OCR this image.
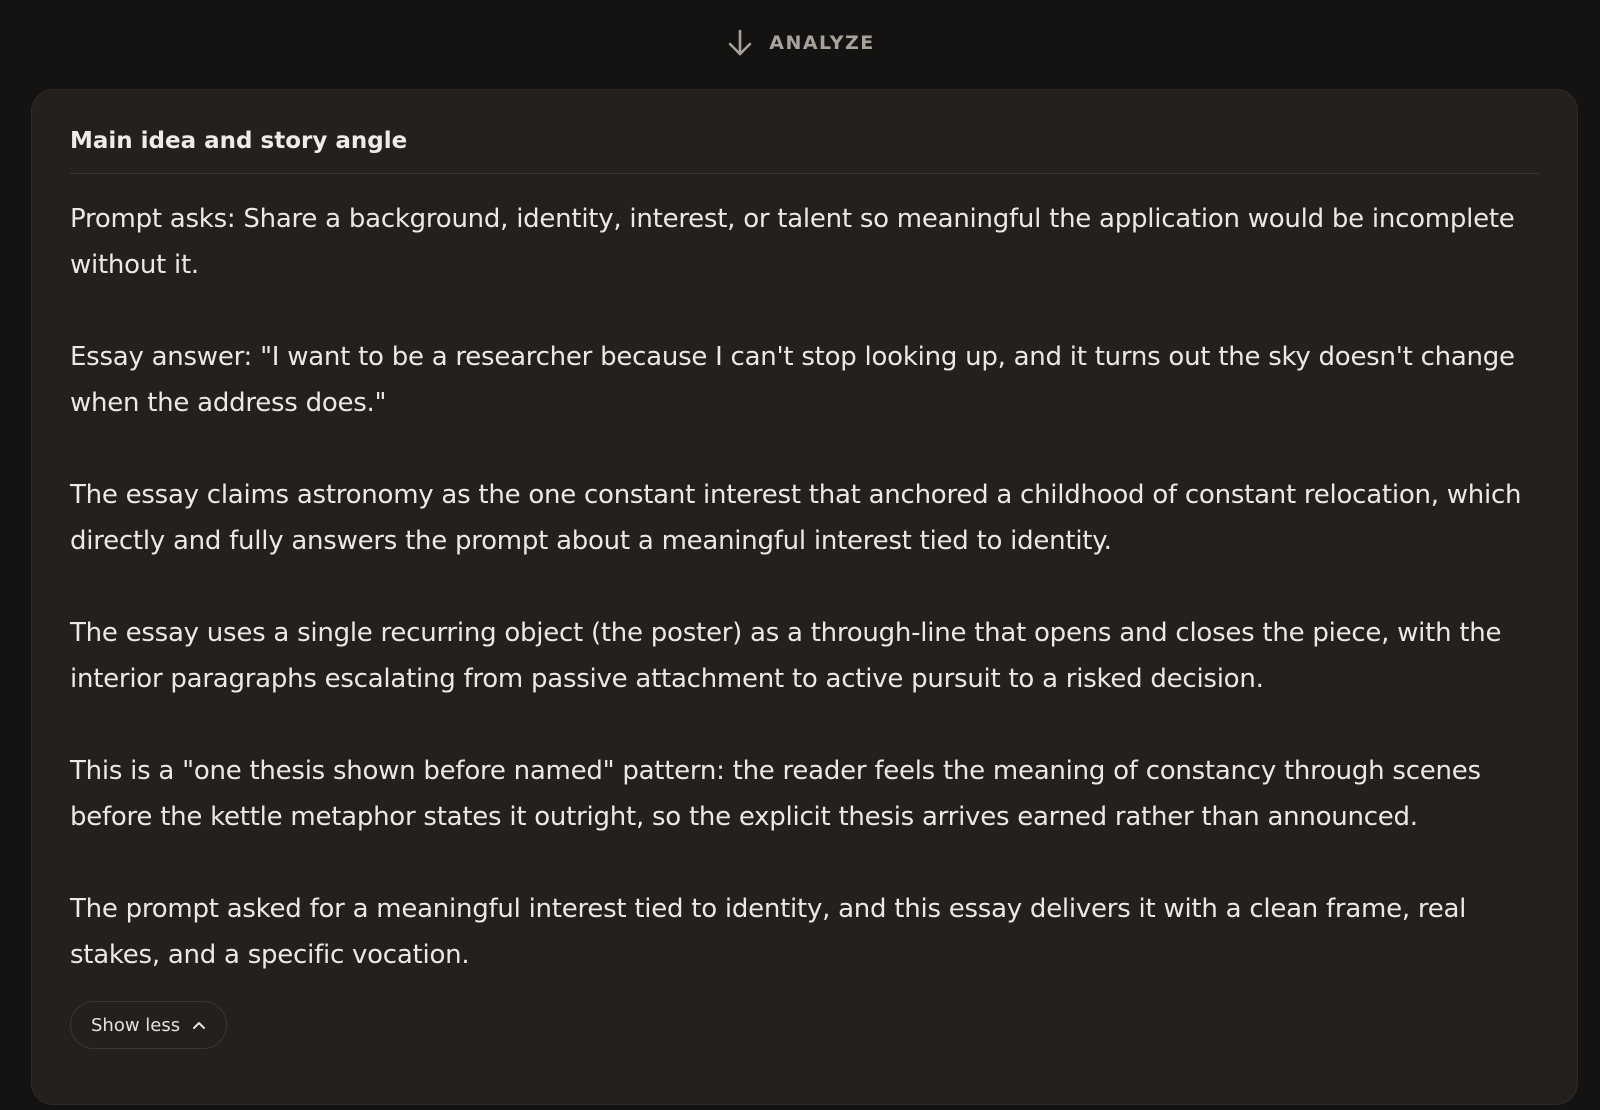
ANALYZE
Main idea and story angle

Prompt asks: Share a background, identity, interest, or talent so meaningful the application would be incomplete without it.

Essay answer: "I want to be a researcher because I can't stop looking up, and it turns out the sky doesn't change when the address does."

The essay claims astronomy as the one constant interest that anchored a childhood of constant relocation, which directly and fully answers the prompt about a meaningful interest tied to identity.

The essay uses a single recurring object (the poster) as a through-line that opens and closes the piece, with the interior paragraphs escalating from passive attachment to active pursuit to a risked decision.

This is a "one thesis shown before named" pattern: the reader feels the meaning of constancy through scenes before the kettle metaphor states it outright, so the explicit thesis arrives earned rather than announced.

The prompt asked for a meaningful interest tied to identity, and this essay delivers it with a clean frame, real stakes, and a specific vocation.

Show less
